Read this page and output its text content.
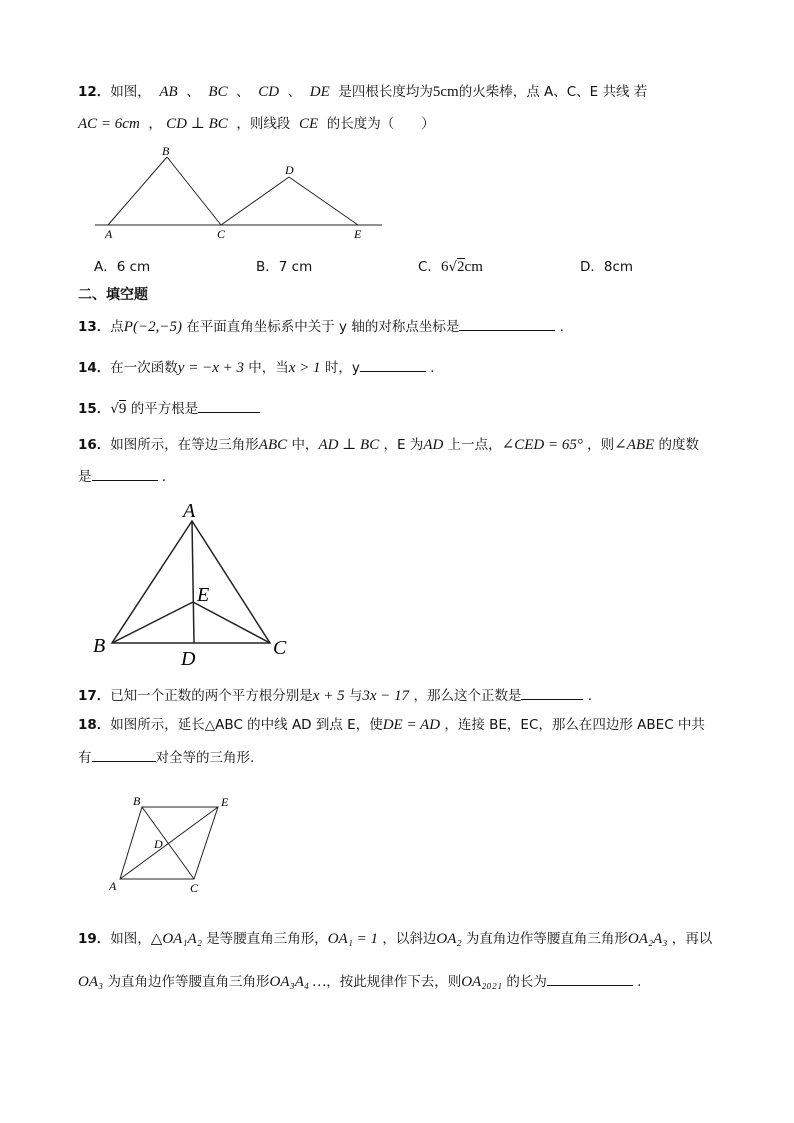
12．如图， AB 、 BC 、 CD 、 DE 是四根长度均为5cm的火柴棒，点 A、C、E 共线 若
AC = 6cm ， CD ⊥ BC ，则线段 CE 的长度为（　　）
A
B
C
D
E
A．6 cm	B．7 cm	C．6√2cm	D．8cm
二、填空题
13．点P(−2,−5) 在平面直角坐标系中关于 y 轴的对称点坐标是	.
14．在一次函数y = −x + 3 中，当x > 1 时，y	.
15．√9 的平方根是
16．如图所示，在等边三角形ABC 中，AD ⊥ BC ，E 为AD 上一点，∠CED = 65° ，则∠ABE 的度数
是	.
A
B	C
D
E
17．已知一个正数的两个平方根分别是x + 5 与3x − 17 ，那么这个正数是	.
18．如图所示，延长△ABC 的中线 AD 到点 E，使DE = AD ，连接 BE，EC，那么在四边形 ABEC 中共
有	对全等的三角形.
B	E
D
A	C
19．如图，△OA₁A₂ 是等腰直角三角形，OA₁ = 1 ，以斜边OA₂ 为直角边作等腰直角三角形OA₂A₃ ，再以
OA₃ 为直角边作等腰直角三角形OA₃A₄ …，按此规律作下去，则OA₂₀₂₁ 的长为	.
